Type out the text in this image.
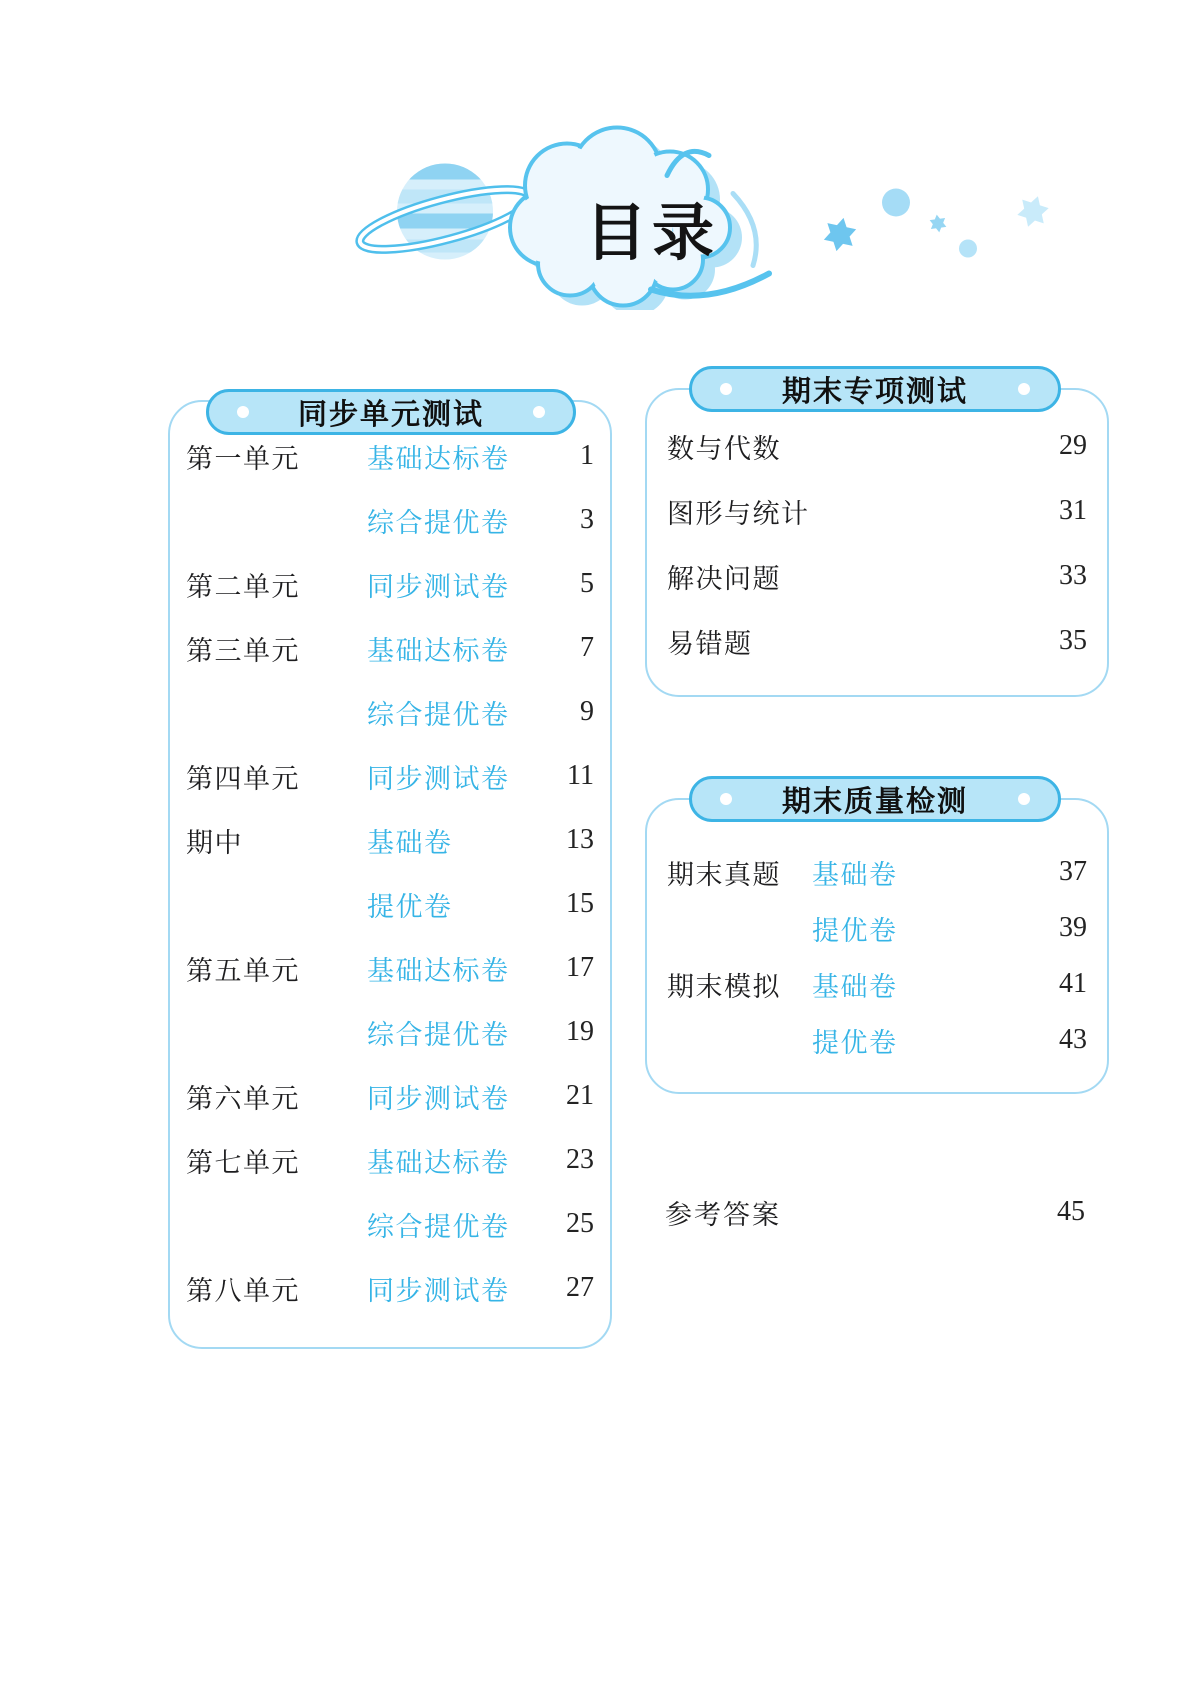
目录
同步单元测试
第一单元	基础达标卷	1
综合提优卷	3
第二单元	同步测试卷	5
第三单元	基础达标卷	7
综合提优卷	9
第四单元	同步测试卷	11
期中	基础卷	13
提优卷	15
第五单元	基础达标卷	17
综合提优卷	19
第六单元	同步测试卷	21
第七单元	基础达标卷	23
综合提优卷	25
第八单元	同步测试卷	27
期末专项测试
数与代数	29
图形与统计	31
解决问题	33
易错题	35
期末质量检测
期末真题	基础卷	37
提优卷	39
期末模拟	基础卷	41
提优卷	43
参考答案	45
